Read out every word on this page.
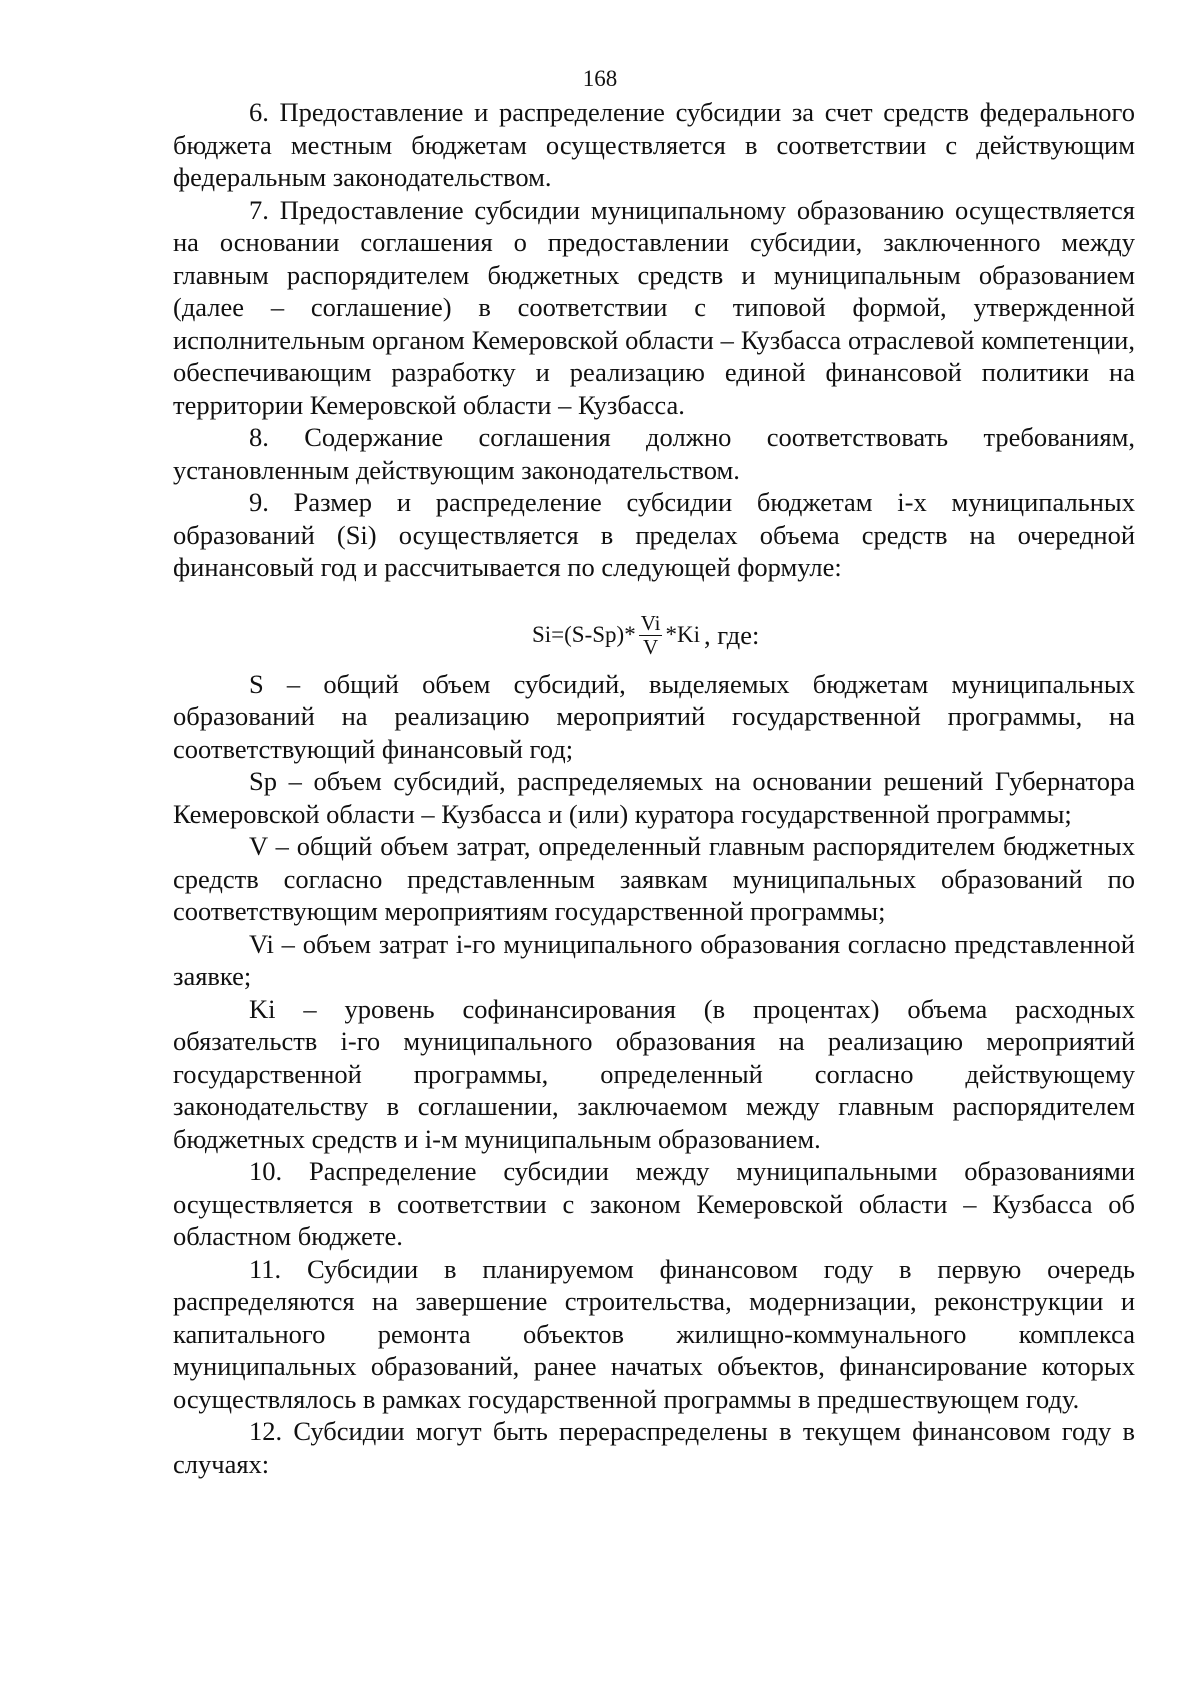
168

6. Предоставление и распределение субсидии за счет средств федерального бюджета местным бюджетам осуществляется в соответствии с действующим федеральным законодательством.

7. Предоставление субсидии муниципальному образованию осуществляется на основании соглашения о предоставлении субсидии, заключенного между главным распорядителем бюджетных средств и муниципальным образованием (далее – соглашение) в соответствии с типовой формой, утвержденной исполнительным органом Кемеровской области – Кузбасса отраслевой компетенции, обеспечивающим разработку и реализацию единой финансовой политики на территории Кемеровской области – Кузбасса.

8. Содержание соглашения должно соответствовать требованиям, установленным действующим законодательством.

9. Размер и распределение субсидии бюджетам i-х муниципальных образований (Si) осуществляется в пределах объема средств на очередной финансовый год и рассчитывается по следующей формуле:

$Si=(S-Sp)* \frac{Vi}{V} *Ki$ , где:

S – общий объем субсидий, выделяемых бюджетам муниципальных образований на реализацию мероприятий государственной программы, на соответствующий финансовый год;

Sp – объем субсидий, распределяемых на основании решений Губернатора Кемеровской области – Кузбасса и (или) куратора государственной программы;

V – общий объем затрат, определенный главным распорядителем бюджетных средств согласно представленным заявкам муниципальных образований по соответствующим мероприятиям государственной программы;

Vi – объем затрат i-го муниципального образования согласно представленной заявке;

Ki – уровень софинансирования (в процентах) объема расходных обязательств i-го муниципального образования на реализацию мероприятий государственной программы, определенный согласно действующему законодательству в соглашении, заключаемом между главным распорядителем бюджетных средств и i-м муниципальным образованием.

10. Распределение субсидии между муниципальными образованиями осуществляется в соответствии с законом Кемеровской области – Кузбасса об областном бюджете.

11. Субсидии в планируемом финансовом году в первую очередь распределяются на завершение строительства, модернизации, реконструкции и капитального ремонта объектов жилищно-коммунального комплекса муниципальных образований, ранее начатых объектов, финансирование которых осуществлялось в рамках государственной программы в предшествующем году.

12. Субсидии могут быть перераспределены в текущем финансовом году в случаях:
